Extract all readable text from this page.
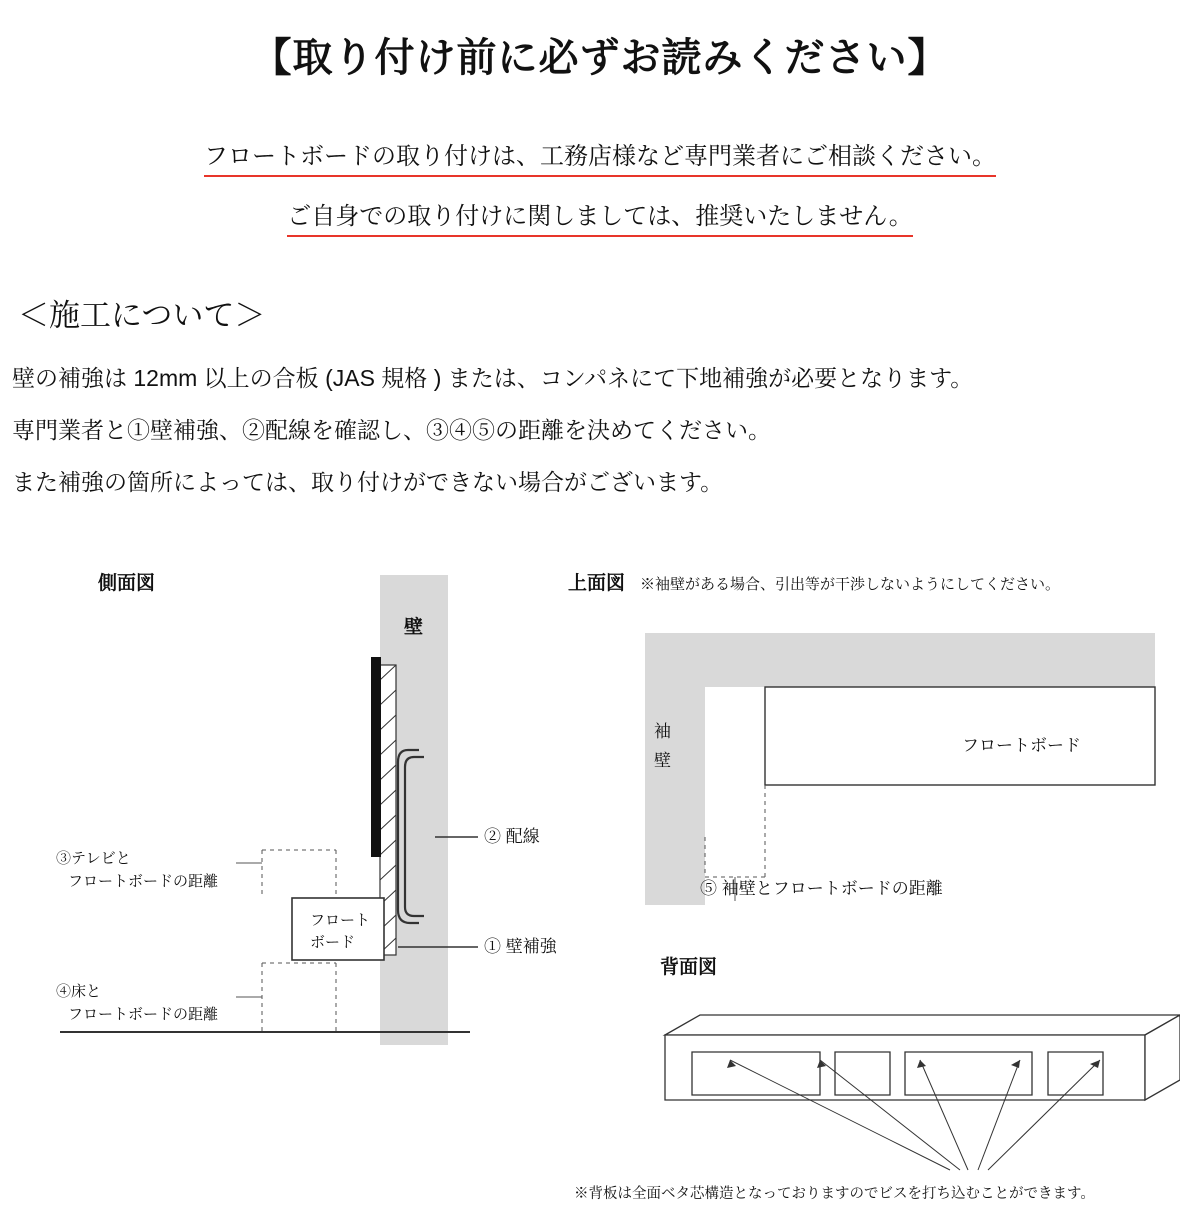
【取り付け前に必ずお読みください】
フロートボードの取り付けは、工務店様など専門業者にご相談ください。
ご自身での取り付けに関しましては、推奨いたしません。
＜施工について＞
壁の補強は 12mm 以上の合板 (JAS 規格 ) または、コンパネにて下地補強が必要となります。
専門業者と①壁補強、②配線を確認し、③④⑤の距離を決めてください。
また補強の箇所によっては、取り付けができない場合がございます。
側面図
壁
② 配線
① 壁補強
フロート
ボード
③テレビと
フロートボードの距離
④床と
フロートボードの距離
上面図 ※袖壁がある場合、引出等が干渉しないようにしてください。
袖
壁
フロートボード
⑤ 袖壁とフロートボードの距離
背面図
※背板は全面ベタ芯構造となっておりますのでビスを打ち込むことができます。
